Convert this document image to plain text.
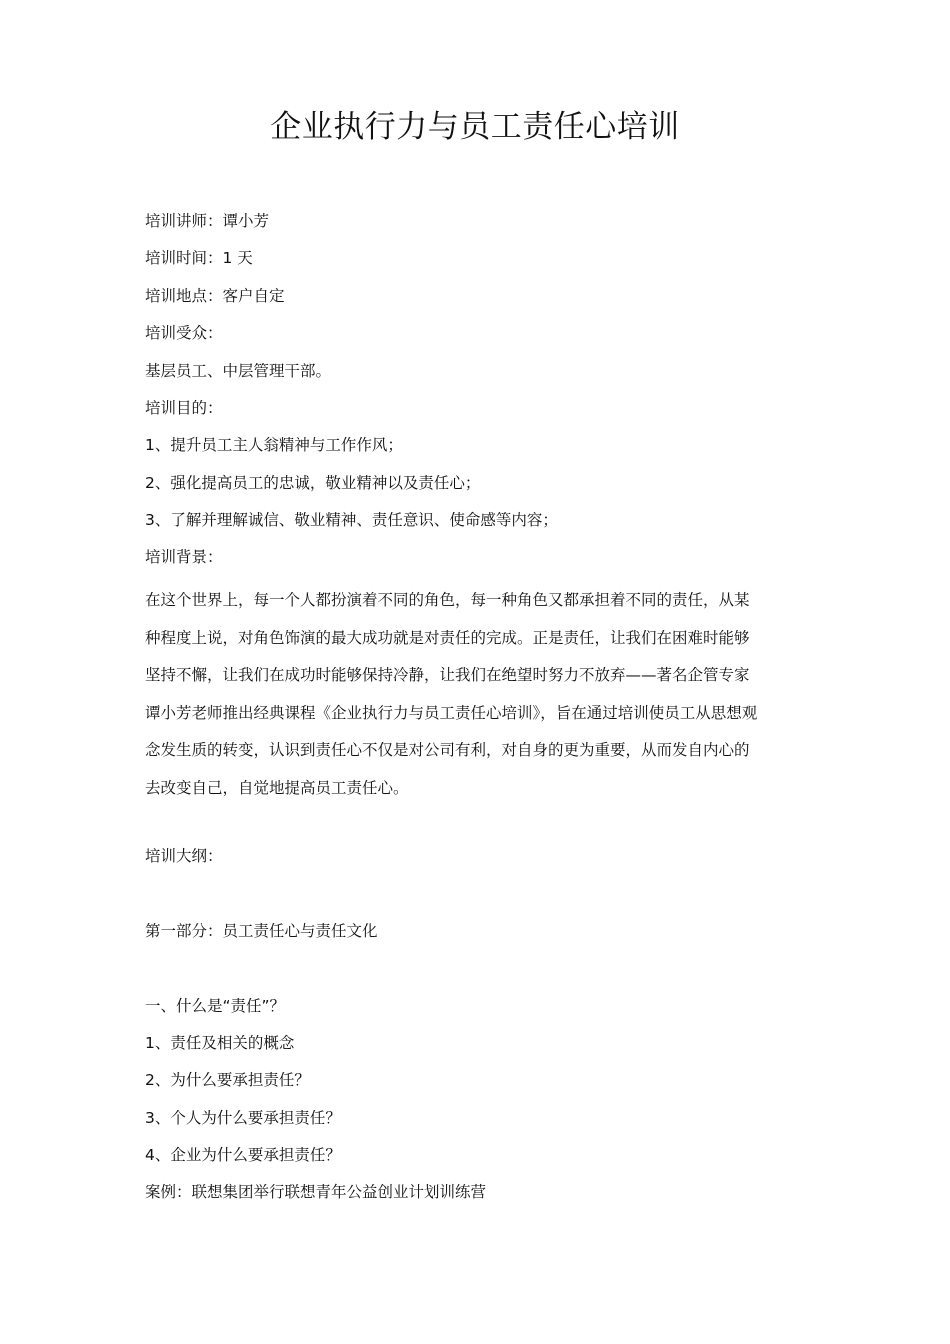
企业执行力与员工责任心培训

培训讲师：谭小芳

培训时间：1 天

培训地点：客户自定

培训受众：

基层员工、中层管理干部。

培训目的：

1、提升员工主人翁精神与工作作风；

2、强化提高员工的忠诚，敬业精神以及责任心；

3、了解并理解诚信、敬业精神、责任意识、使命感等内容；

培训背景：

在这个世界上，每一个人都扮演着不同的角色，每一种角色又都承担着不同的责任，从某
种程度上说，对角色饰演的最大成功就是对责任的完成。正是责任，让我们在困难时能够
坚持不懈，让我们在成功时能够保持冷静，让我们在绝望时努力不放弃——著名企管专家
谭小芳老师推出经典课程《企业执行力与员工责任心培训》，旨在通过培训使员工从思想观
念发生质的转变，认识到责任心不仅是对公司有利，对自身的更为重要，从而发自内心的
去改变自己，自觉地提高员工责任心。

培训大纲：

第一部分：员工责任心与责任文化

一、什么是“责任”？

1、责任及相关的概念

2、为什么要承担责任？

3、个人为什么要承担责任？

4、企业为什么要承担责任？

案例：联想集团举行联想青年公益创业计划训练营
